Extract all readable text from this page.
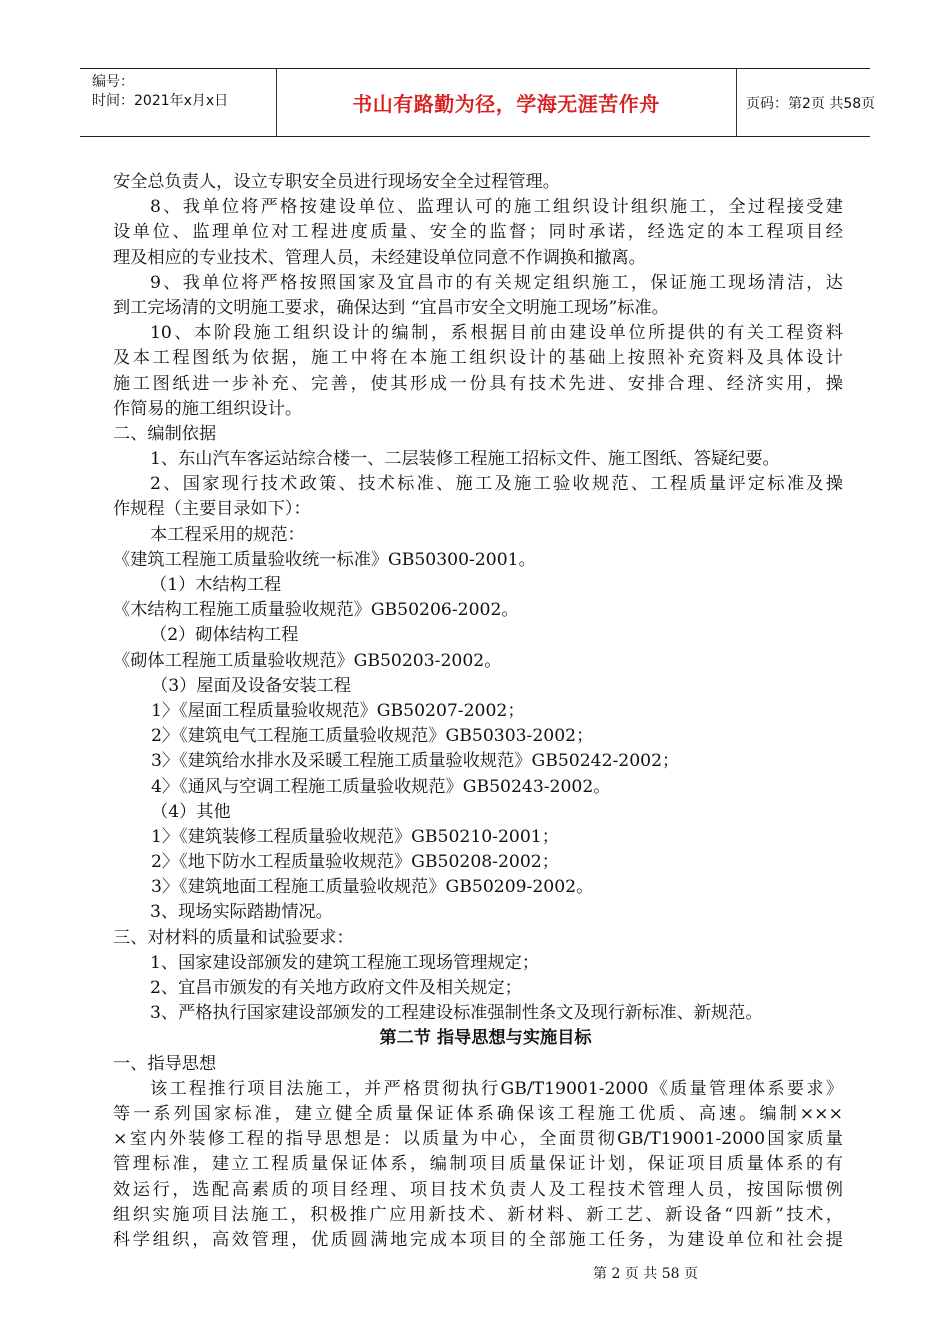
编号：
时间：2021年x月x日	书山有路勤为径，学海无涯苦作舟	页码：第2页 共58页
安全总负责人，设立专职安全员进行现场安全全过程管理。
8、我单位将严格按建设单位、监理认可的施工组织设计组织施工，全过程接受建
设单位、监理单位对工程进度质量、安全的监督；同时承诺，经选定的本工程项目经
理及相应的专业技术、管理人员，未经建设单位同意不作调换和撤离。
9、我单位将严格按照国家及宜昌市的有关规定组织施工，保证施工现场清洁，达
到工完场清的文明施工要求，确保达到 “宜昌市安全文明施工现场”标准。
10、本阶段施工组织设计的编制，系根据目前由建设单位所提供的有关工程资料
及本工程图纸为依据，施工中将在本施工组织设计的基础上按照补充资料及具体设计
施工图纸进一步补充、完善，使其形成一份具有技术先进、安排合理、经济实用，操
作简易的施工组织设计。
二、编制依据
1、东山汽车客运站综合楼一、二层装修工程施工招标文件、施工图纸、答疑纪要。
2、国家现行技术政策、技术标准、施工及施工验收规范、工程质量评定标准及操
作规程（主要目录如下）：
本工程采用的规范：
《建筑工程施工质量验收统一标准》GB50300-2001。
（1）木结构工程
《木结构工程施工质量验收规范》GB50206-2002。
（2）砌体结构工程
《砌体工程施工质量验收规范》GB50203-2002。
（3）屋面及设备安装工程
1〉《屋面工程质量验收规范》GB50207-2002；
2〉《建筑电气工程施工质量验收规范》GB50303-2002；
3〉《建筑给水排水及采暖工程施工质量验收规范》GB50242-2002；
4〉《通风与空调工程施工质量验收规范》GB50243-2002。
（4）其他
1〉《建筑装修工程质量验收规范》GB50210-2001；
2〉《地下防水工程质量验收规范》GB50208-2002；
3〉《建筑地面工程施工质量验收规范》GB50209-2002。
3、现场实际踏勘情况。
三、对材料的质量和试验要求：
1、国家建设部颁发的建筑工程施工现场管理规定；
2、宜昌市颁发的有关地方政府文件及相关规定；
3、严格执行国家建设部颁发的工程建设标准强制性条文及现行新标准、新规范。
第二节 指导思想与实施目标
一、指导思想
该工程推行项目法施工，并严格贯彻执行GB/T19001-2000《质量管理体系要求》
等一系列国家标准，建立健全质量保证体系确保该工程施工优质、高速。编制×××
×室内外装修工程的指导思想是：以质量为中心，全面贯彻GB/T19001-2000国家质量
管理标准，建立工程质量保证体系，编制项目质量保证计划，保证项目质量体系的有
效运行，选配高素质的项目经理、项目技术负责人及工程技术管理人员，按国际惯例
组织实施项目法施工，积极推广应用新技术、新材料、新工艺、新设备“四新”技术，
科学组织，高效管理，优质圆满地完成本项目的全部施工任务，为建设单位和社会提
第 2 页 共 58 页
